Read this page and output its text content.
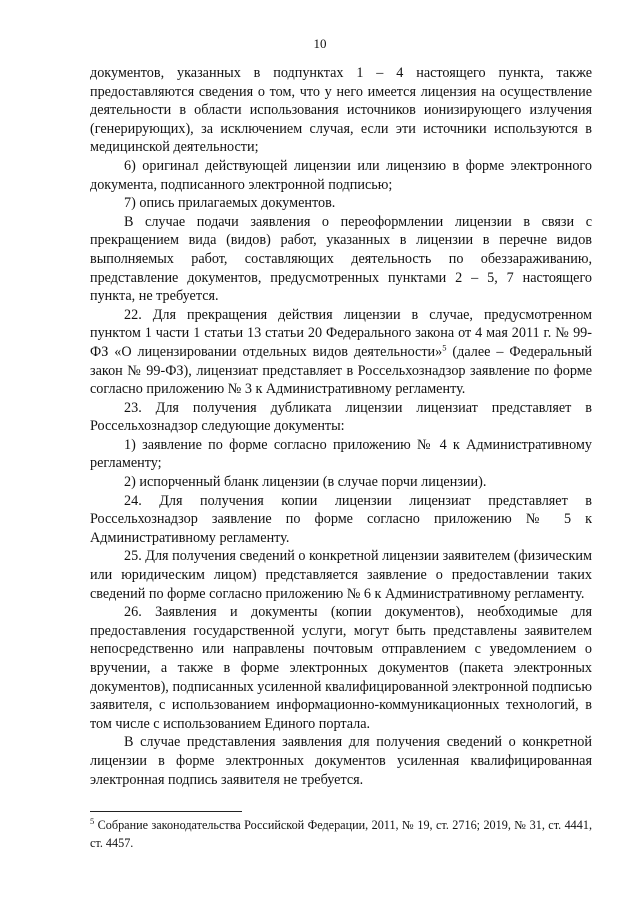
10

документов, указанных в подпунктах 1 – 4 настоящего пункта, также предоставляются сведения о том, что у него имеется лицензия на осуществление деятельности в области использования источников ионизирующего излучения (генерирующих), за исключением случая, если эти источники используются в медицинской деятельности;

6) оригинал действующей лицензии или лицензию в форме электронного документа, подписанного электронной подписью;

7) опись прилагаемых документов.

В случае подачи заявления о переоформлении лицензии в связи с прекращением вида (видов) работ, указанных в лицензии в перечне видов выполняемых работ, составляющих деятельность по обеззараживанию, представление документов, предусмотренных пунктами 2 – 5, 7 настоящего пункта, не требуется.

22. Для прекращения действия лицензии в случае, предусмотренном пунктом 1 части 1 статьи 13 статьи 20 Федерального закона от 4 мая 2011 г. № 99-ФЗ «О лицензировании отдельных видов деятельности»$^5$ (далее – Федеральный закон № 99-ФЗ), лицензиат представляет в Россельхознадзор заявление по форме согласно приложению № 3 к Административному регламенту.

23. Для получения дубликата лицензии лицензиат представляет в Россельхознадзор следующие документы:

1) заявление по форме согласно приложению № 4 к Административному регламенту;

2) испорченный бланк лицензии (в случае порчи лицензии).

24. Для получения копии лицензии лицензиат представляет в Россельхознадзор заявление по форме согласно приложению № 5 к Административному регламенту.

25. Для получения сведений о конкретной лицензии заявителем (физическим или юридическим лицом) представляется заявление о предоставлении таких сведений по форме согласно приложению № 6 к Административному регламенту.

26. Заявления и документы (копии документов), необходимые для предоставления государственной услуги, могут быть представлены заявителем непосредственно или направлены почтовым отправлением с уведомлением о вручении, а также в форме электронных документов (пакета электронных документов), подписанных усиленной квалифицированной электронной подписью заявителя, с использованием информационно-коммуникационных технологий, в том числе с использованием Единого портала.

В случае представления заявления для получения сведений о конкретной лицензии в форме электронных документов усиленная квалифицированная электронная подпись заявителя не требуется.

$^5$ Собрание законодательства Российской Федерации, 2011, № 19, ст. 2716; 2019, № 31, ст. 4441, ст. 4457.
